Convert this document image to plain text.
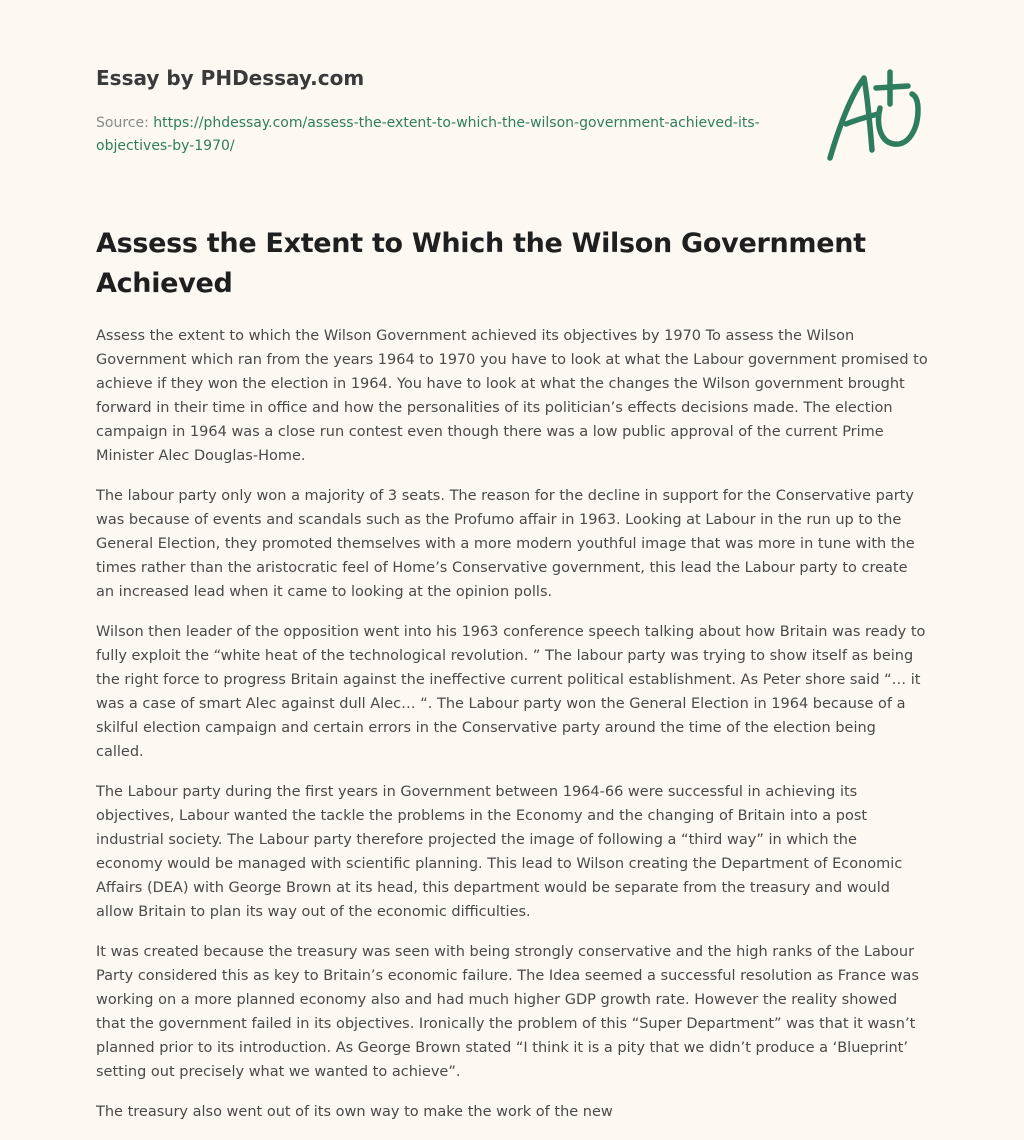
Essay by PHDessay.com
Source: https://phdessay.com/assess-the-extent-to-which-the-wilson-government-achieved-its-objectives-by-1970/
Assess the Extent to Which the Wilson Government Achieved

Assess the extent to which the Wilson Government achieved its objectives by 1970 To assess the Wilson Government which ran from the years 1964 to 1970 you have to look at what the Labour government promised to achieve if they won the election in 1964. You have to look at what the changes the Wilson government brought forward in their time in office and how the personalities of its politician’s effects decisions made. The election campaign in 1964 was a close run contest even though there was a low public approval of the current Prime Minister Alec Douglas-Home.

The labour party only won a majority of 3 seats. The reason for the decline in support for the Conservative party was because of events and scandals such as the Profumo affair in 1963. Looking at Labour in the run up to the General Election, they promoted themselves with a more modern youthful image that was more in tune with the times rather than the aristocratic feel of Home’s Conservative government, this lead the Labour party to create an increased lead when it came to looking at the opinion polls.

Wilson then leader of the opposition went into his 1963 conference speech talking about how Britain was ready to fully exploit the “white heat of the technological revolution. ” The labour party was trying to show itself as being the right force to progress Britain against the ineffective current political establishment. As Peter shore said “… it was a case of smart Alec against dull Alec… “. The Labour party won the General Election in 1964 because of a skilful election campaign and certain errors in the Conservative party around the time of the election being called.

The Labour party during the first years in Government between 1964-66 were successful in achieving its objectives, Labour wanted the tackle the problems in the Economy and the changing of Britain into a post industrial society. The Labour party therefore projected the image of following a “third way” in which the economy would be managed with scientific planning. This lead to Wilson creating the Department of Economic Affairs (DEA) with George Brown at its head, this department would be separate from the treasury and would allow Britain to plan its way out of the economic difficulties.

It was created because the treasury was seen with being strongly conservative and the high ranks of the Labour Party considered this as key to Britain’s economic failure. The Idea seemed a successful resolution as France was working on a more planned economy also and had much higher GDP growth rate. However the reality showed that the government failed in its objectives. Ironically the problem of this “Super Department” was that it wasn’t planned prior to its introduction. As George Brown stated “I think it is a pity that we didn’t produce a ‘Blueprint’ setting out precisely what we wanted to achieve”.

The treasury also went out of its own way to make the work of the new
